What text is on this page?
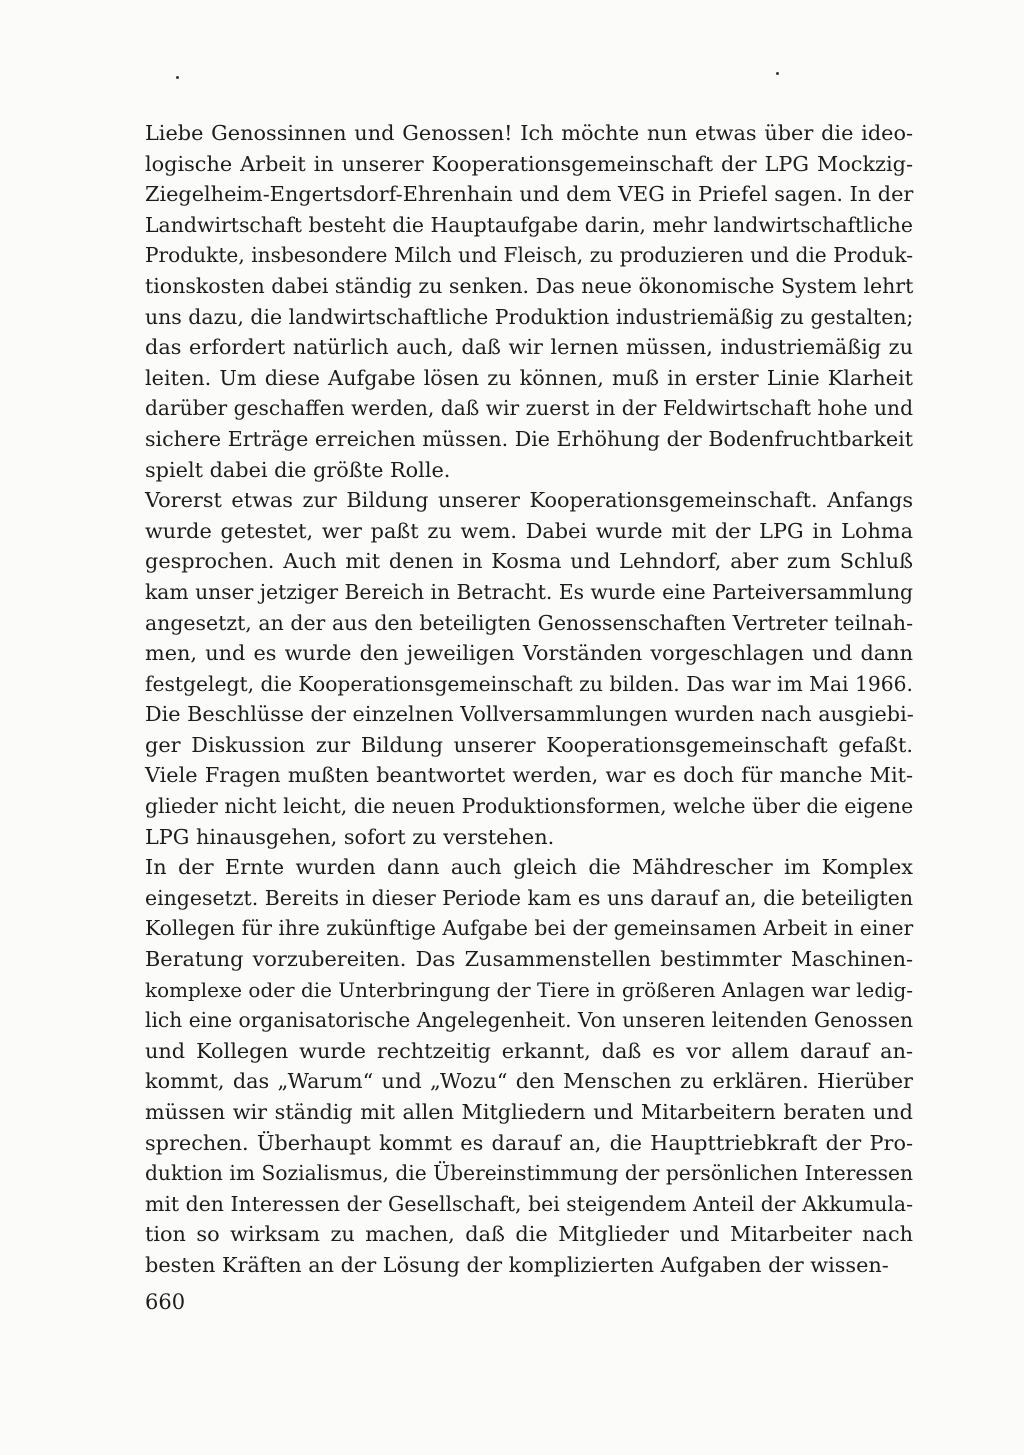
Liebe Genossinnen und Genossen! Ich möchte nun etwas über die ideo-
logische Arbeit in unserer Kooperationsgemeinschaft der LPG Mockzig-
Ziegelheim-Engertsdorf-Ehrenhain und dem VEG in Priefel sagen. In der
Landwirtschaft besteht die Hauptaufgabe darin, mehr landwirtschaftliche
Produkte, insbesondere Milch und Fleisch, zu produzieren und die Produk-
tionskosten dabei ständig zu senken. Das neue ökonomische System lehrt
uns dazu, die landwirtschaftliche Produktion industriemäßig zu gestalten;
das erfordert natürlich auch, daß wir lernen müssen, industriemäßig zu
leiten. Um diese Aufgabe lösen zu können, muß in erster Linie Klarheit
darüber geschaffen werden, daß wir zuerst in der Feldwirtschaft hohe und
sichere Erträge erreichen müssen. Die Erhöhung der Bodenfruchtbarkeit
spielt dabei die größte Rolle.
Vorerst etwas zur Bildung unserer Kooperationsgemeinschaft. Anfangs
wurde getestet, wer paßt zu wem. Dabei wurde mit der LPG in Lohma
gesprochen. Auch mit denen in Kosma und Lehndorf, aber zum Schluß
kam unser jetziger Bereich in Betracht. Es wurde eine Parteiversammlung
angesetzt, an der aus den beteiligten Genossenschaften Vertreter teilnah-
men, und es wurde den jeweiligen Vorständen vorgeschlagen und dann
festgelegt, die Kooperationsgemeinschaft zu bilden. Das war im Mai 1966.
Die Beschlüsse der einzelnen Vollversammlungen wurden nach ausgiebi-
ger Diskussion zur Bildung unserer Kooperationsgemeinschaft gefaßt.
Viele Fragen mußten beantwortet werden, war es doch für manche Mit-
glieder nicht leicht, die neuen Produktionsformen, welche über die eigene
LPG hinausgehen, sofort zu verstehen.
In der Ernte wurden dann auch gleich die Mähdrescher im Komplex
eingesetzt. Bereits in dieser Periode kam es uns darauf an, die beteiligten
Kollegen für ihre zukünftige Aufgabe bei der gemeinsamen Arbeit in einer
Beratung vorzubereiten. Das Zusammenstellen bestimmter Maschinen-
komplexe oder die Unterbringung der Tiere in größeren Anlagen war ledig-
lich eine organisatorische Angelegenheit. Von unseren leitenden Genossen
und Kollegen wurde rechtzeitig erkannt, daß es vor allem darauf an-
kommt, das „Warum“ und „Wozu“ den Menschen zu erklären. Hierüber
müssen wir ständig mit allen Mitgliedern und Mitarbeitern beraten und
sprechen. Überhaupt kommt es darauf an, die Haupttriebkraft der Pro-
duktion im Sozialismus, die Übereinstimmung der persönlichen Interessen
mit den Interessen der Gesellschaft, bei steigendem Anteil der Akkumula-
tion so wirksam zu machen, daß die Mitglieder und Mitarbeiter nach
besten Kräften an der Lösung der komplizierten Aufgaben der wissen-
660
